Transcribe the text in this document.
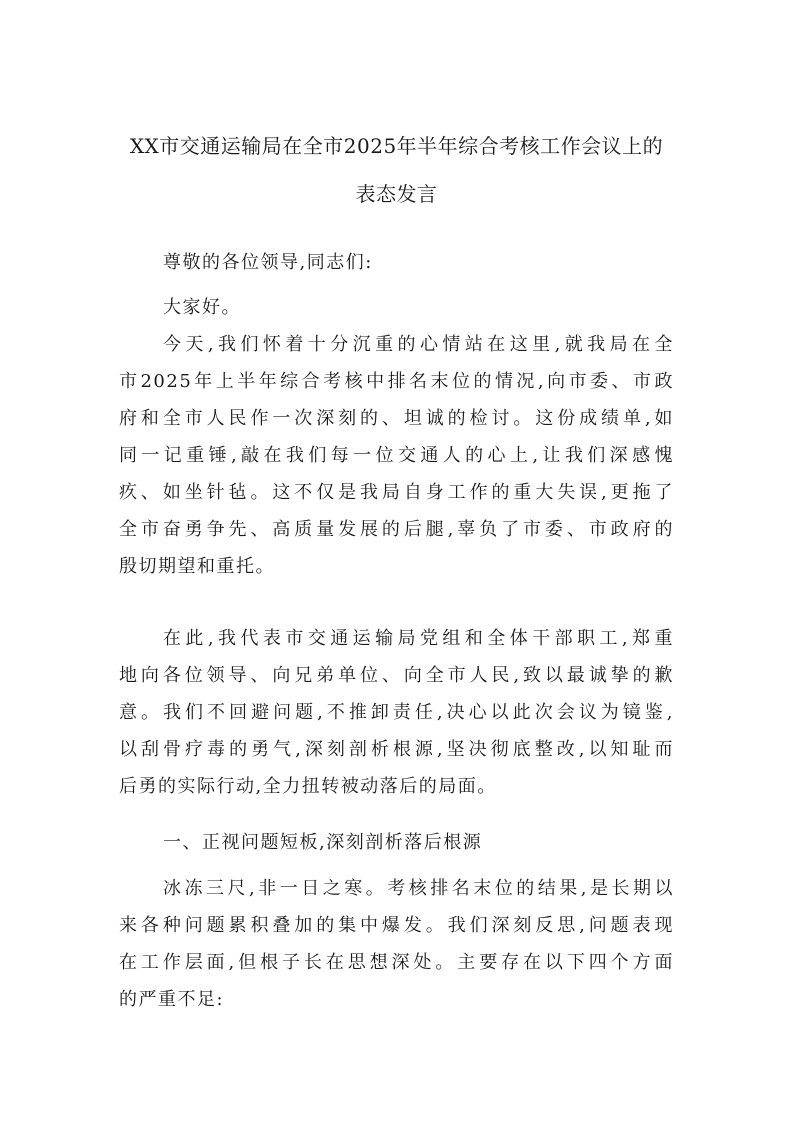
XX市交通运输局在全市2025年半年综合考核工作会议上的
表态发言

尊敬的各位领导,同志们:

大家好。

今天,我们怀着十分沉重的心情站在这里,就我局在全
市2025年上半年综合考核中排名末位的情况,向市委、市政
府和全市人民作一次深刻的、坦诚的检讨。这份成绩单,如
同一记重锤,敲在我们每一位交通人的心上,让我们深感愧
疚、如坐针毡。这不仅是我局自身工作的重大失误,更拖了
全市奋勇争先、高质量发展的后腿,辜负了市委、市政府的
殷切期望和重托。
在此,我代表市交通运输局党组和全体干部职工,郑重
地向各位领导、向兄弟单位、向全市人民,致以最诚挚的歉
意。我们不回避问题,不推卸责任,决心以此次会议为镜鉴,
以刮骨疗毒的勇气,深刻剖析根源,坚决彻底整改,以知耻而
后勇的实际行动,全力扭转被动落后的局面。

一、正视问题短板,深刻剖析落后根源

冰冻三尺,非一日之寒。考核排名末位的结果,是长期以
来各种问题累积叠加的集中爆发。我们深刻反思,问题表现
在工作层面,但根子长在思想深处。主要存在以下四个方面
的严重不足:
